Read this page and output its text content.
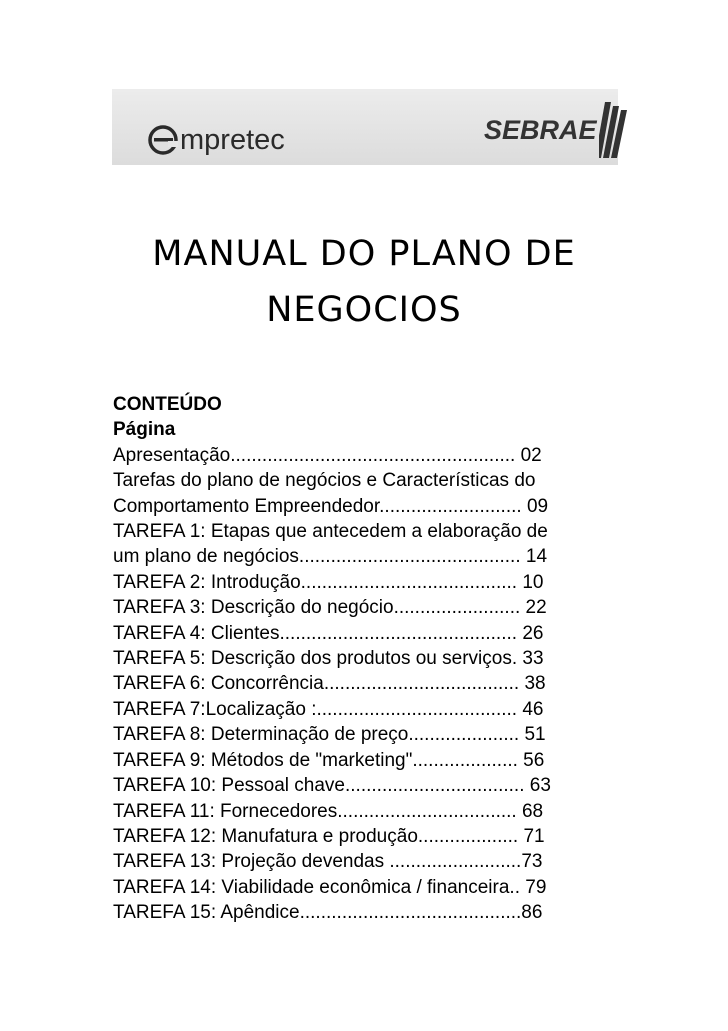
mpretec	SEBRAE
MANUAL DO PLANO DE
NEGOCIOS
CONTEÚDO
Página
Apresentação...................................................... 02
Tarefas do plano de negócios e Características do
Comportamento Empreendedor........................... 09
TAREFA 1: Etapas que antecedem a elaboração de
um plano de negócios.......................................... 14
TAREFA 2: Introdução......................................... 10
TAREFA 3: Descrição do negócio........................ 22
TAREFA 4: Clientes............................................. 26
TAREFA 5: Descrição dos produtos ou serviços. 33
TAREFA 6: Concorrência..................................... 38
TAREFA 7:Localização :...................................... 46
TAREFA 8: Determinação de preço..................... 51
TAREFA 9: Métodos de "marketing".................... 56
TAREFA 10: Pessoal chave.................................. 63
TAREFA 11: Fornecedores.................................. 68
TAREFA 12: Manufatura e produção................... 71
TAREFA 13: Projeção devendas .........................73
TAREFA 14: Viabilidade econômica / financeira.. 79
TAREFA 15: Apêndice..........................................86
